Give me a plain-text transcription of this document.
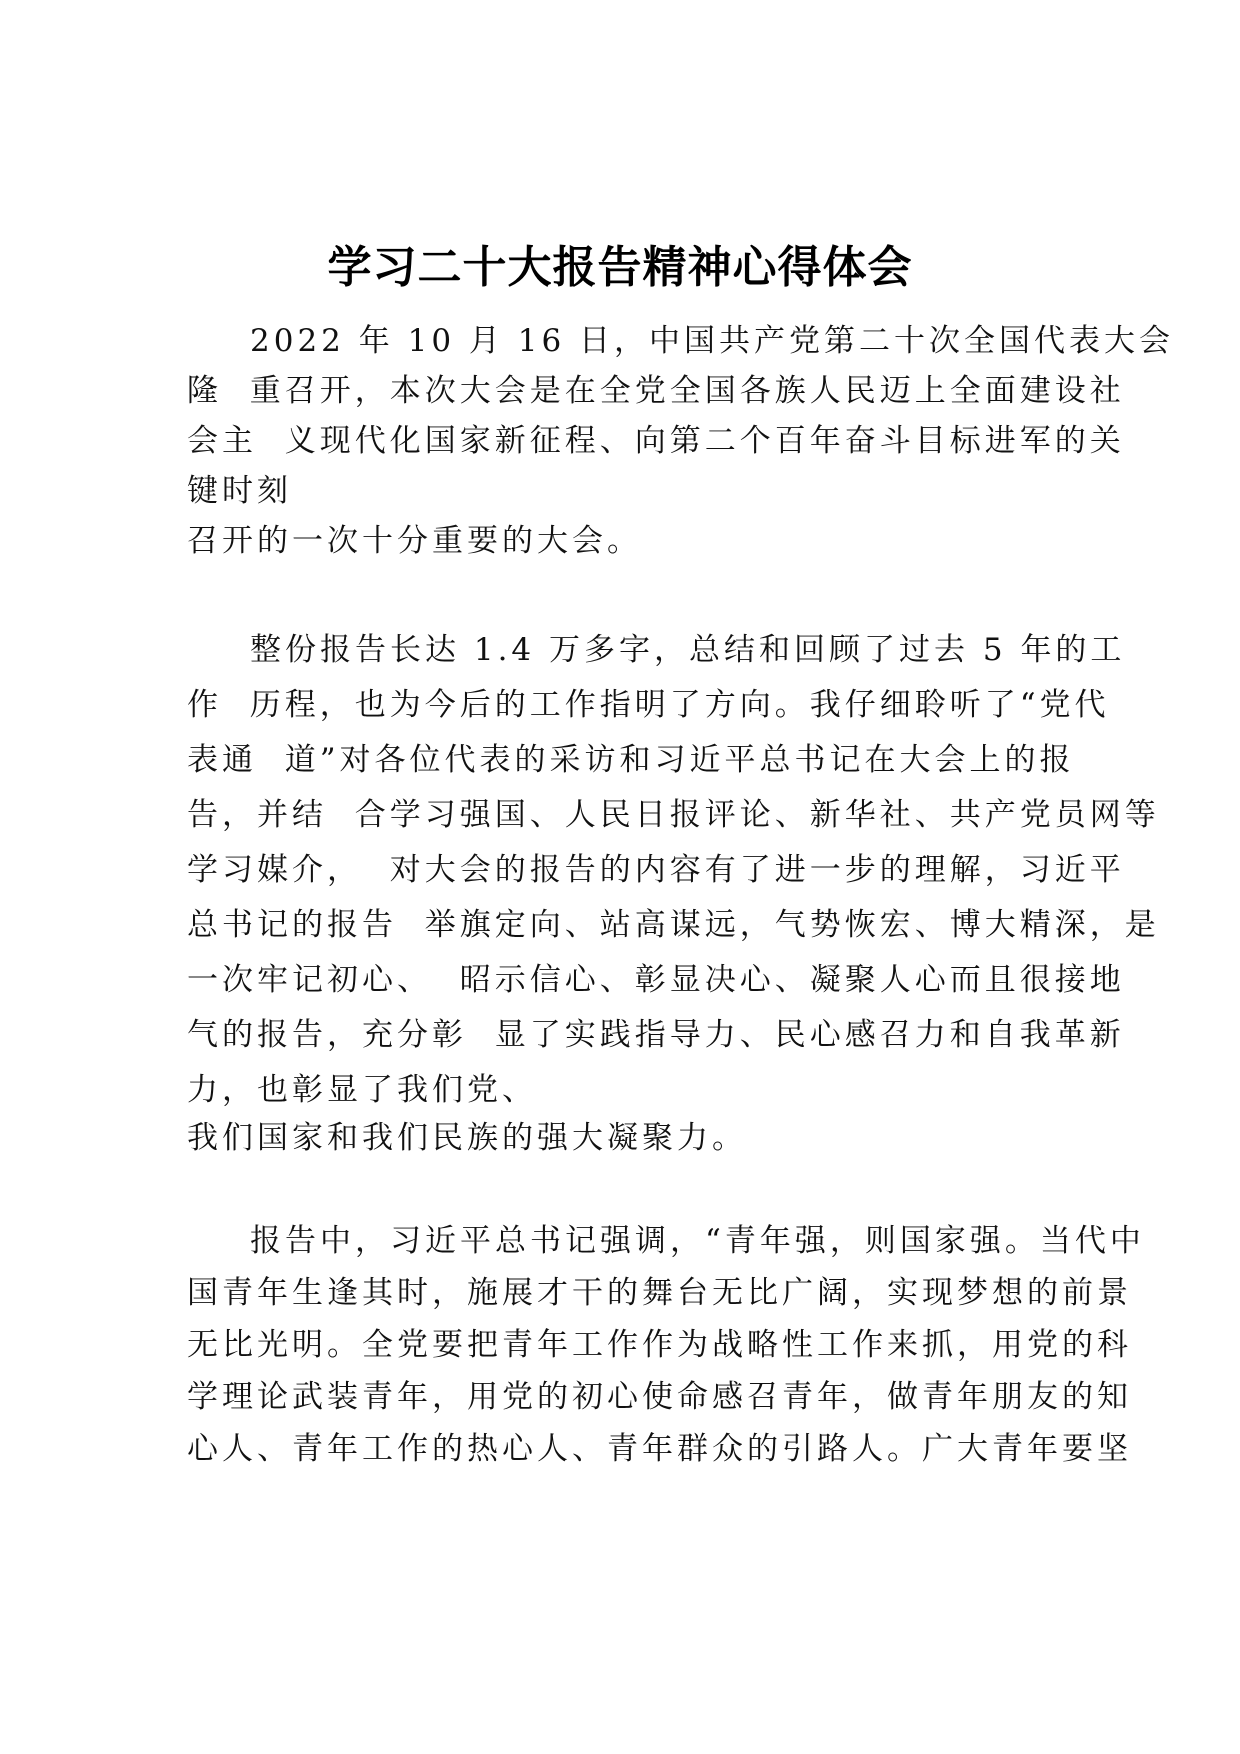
学习二十大报告精神心得体会
2022 年 10 月 16 日，中国共产党第二十次全国代表大会
隆  重召开，本次大会是在全党全国各族人民迈上全面建设社
会主  义现代化国家新征程、向第二个百年奋斗目标进军的关
键时刻
召开的一次十分重要的大会。
整份报告长达 1.4 万多字，总结和回顾了过去 5 年的工
作  历程，也为今后的工作指明了方向。我仔细聆听了“党代
表通  道”对各位代表的采访和习近平总书记在大会上的报
告，并结  合学习强国、人民日报评论、新华社、共产党员网等
学习媒介，  对大会的报告的内容有了进一步的理解，习近平
总书记的报告  举旗定向、站高谋远，气势恢宏、博大精深，是
一次牢记初心、  昭示信心、彰显决心、凝聚人心而且很接地
气的报告，充分彰  显了实践指导力、民心感召力和自我革新
力，也彰显了我们党、
我们国家和我们民族的强大凝聚力。
报告中，习近平总书记强调，“青年强，则国家强。当代中
国青年生逢其时，施展才干的舞台无比广阔，实现梦想的前景
无比光明。全党要把青年工作作为战略性工作来抓，用党的科
学理论武装青年，用党的初心使命感召青年，做青年朋友的知
心人、青年工作的热心人、青年群众的引路人。广大青年要坚
